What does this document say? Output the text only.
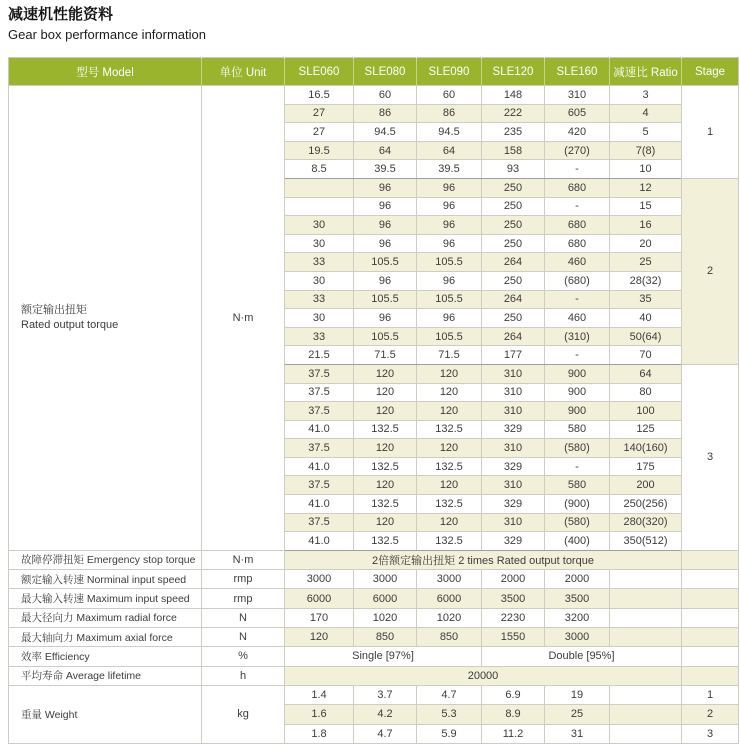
减速机性能资料
Gear box performance information
型号 Model	单位 Unit	SLE060	SLE080	SLE090	SLE120	SLE160	减速比 Ratio	Stage

额定输出扭矩
Rated output torque	N·m	16.5	60	60	148	310	3	1
		27	86	86	222	605	4	
		27	94.5	94.5	235	420	5	
		19.5	64	64	158	(270)	7(8)	
		8.5	39.5	39.5	93	-	10	
			96	96	250	680	12	2
			96	96	250	-	15	
		30	96	96	250	680	16	
		30	96	96	250	680	20	
		33	105.5	105.5	264	460	25	
		30	96	96	250	(680)	28(32)	
		33	105.5	105.5	264	-	35	
		30	96	96	250	460	40	
		33	105.5	105.5	264	(310)	50(64)	
		21.5	71.5	71.5	177	-	70	
		37.5	120	120	310	900	64	3
		37.5	120	120	310	900	80	
		37.5	120	120	310	900	100	
		41.0	132.5	132.5	329	580	125	
		37.5	120	120	310	(580)	140(160)	
		41.0	132.5	132.5	329	-	175	
		37.5	120	120	310	580	200	
		41.0	132.5	132.5	329	(900)	250(256)	
		37.5	120	120	310	(580)	280(320)	
		41.0	132.5	132.5	329	(400)	350(512)	
故障停滞扭矩 Emergency stop torque	N·m	2倍额定输出扭矩 2 times Rated output torque						
额定输入转速 Norminal input speed	rmp	3000	3000	3000	2000	2000		
最大输入转速 Maximum input speed	rmp	6000	6000	6000	3500	3500		
最大径向力 Maximum radial force	N	170	1020	1020	2230	3200		
最大轴向力 Maximum axial force	N	120	850	850	1550	3000		
效率 Efficiency	%	Single [97%]			Double [95%]			
平均寿命 Average lifetime	h	20000						
重量 Weight	kg	1.4	3.7	4.7	6.9	19		1
		1.6	4.2	5.3	8.9	25		2
		1.8	4.7	5.9	11.2	31		3
